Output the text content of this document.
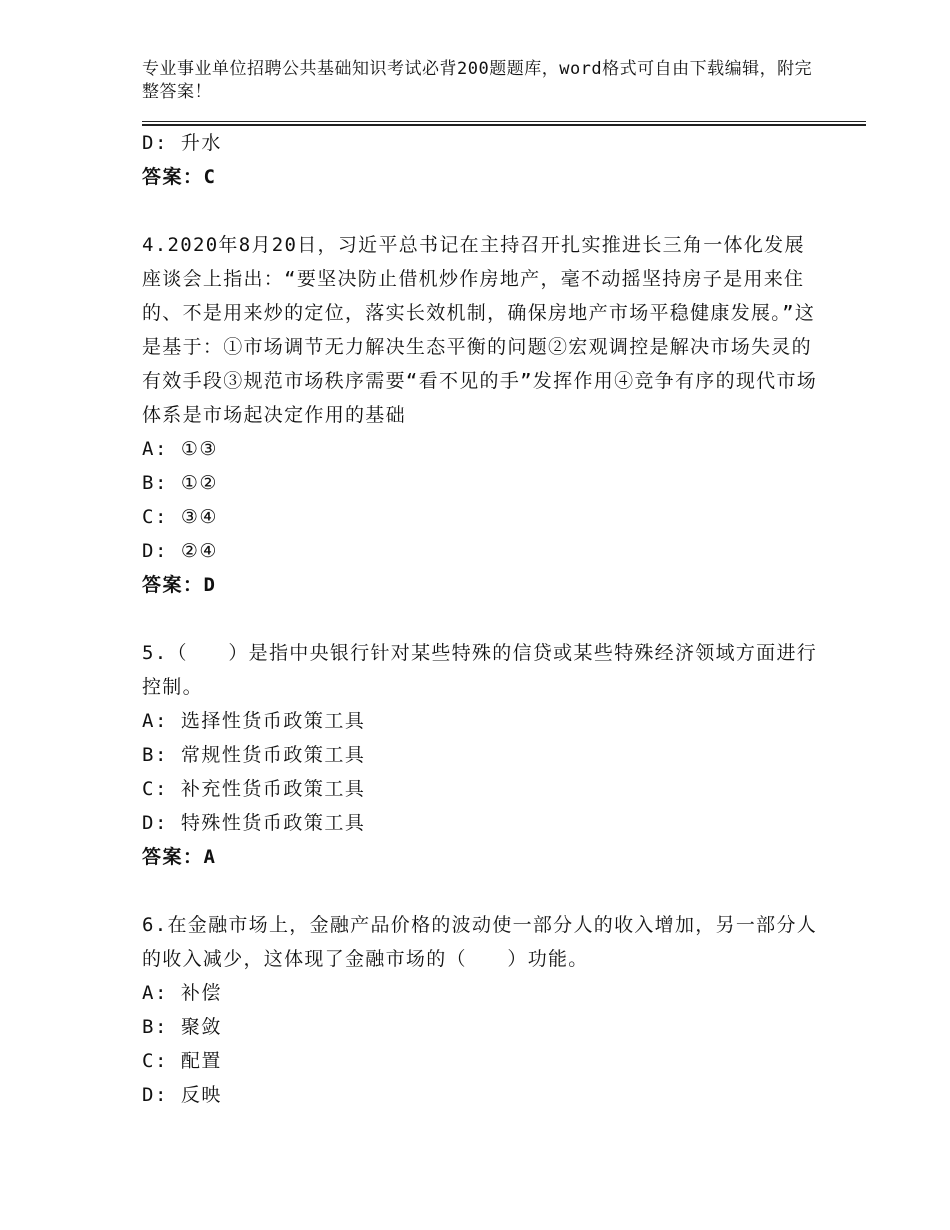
专业事业单位招聘公共基础知识考试必背200题题库，word格式可自由下载编辑，附完整答案！
D: 升水
答案：C
4.2020年8月20日，习近平总书记在主持召开扎实推进长三角一体化发展座谈会上指出：“要坚决防止借机炒作房地产，毫不动摇坚持房子是用来住的、不是用来炒的定位，落实长效机制，确保房地产市场平稳健康发展。”这是基于：①市场调节无力解决生态平衡的问题②宏观调控是解决市场失灵的有效手段③规范市场秩序需要“看不见的手”发挥作用④竞争有序的现代市场体系是市场起决定作用的基础
A: ①③
B: ①②
C: ③④
D: ②④
答案：D
5.（　　）是指中央银行针对某些特殊的信贷或某些特殊经济领域方面进行控制。
A: 选择性货币政策工具
B: 常规性货币政策工具
C: 补充性货币政策工具
D: 特殊性货币政策工具
答案：A
6.在金融市场上，金融产品价格的波动使一部分人的收入增加，另一部分人的收入减少，这体现了金融市场的（　　）功能。
A: 补偿
B: 聚敛
C: 配置
D: 反映
